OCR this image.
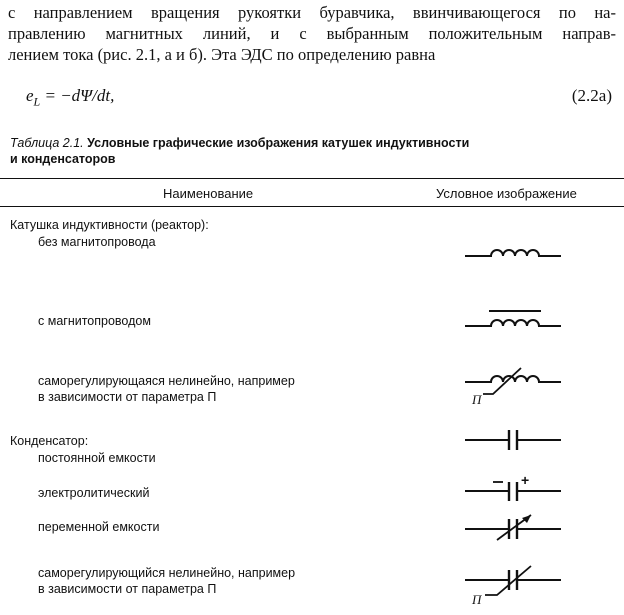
с направлением вращения рукоятки буравчика, ввинчивающегося по на-
правлению магнитных линий, и с выбранным положительным направ-
лением тока (рис. 2.1, а и б). Эта ЭДС по определению равна
$e_L = -d\Psi/dt$,	(2.2а)
Таблица 2.1. Условные графические изображения катушек индуктивности
и конденсаторов
Наименование	Условное изображение
Катушка индуктивности (реактор):
без магнитопровода
с магнитопроводом
саморегулирующаяся нелинейно, например
в зависимости от параметра П
Конденсатор:
постоянной емкости
электролитический
переменной емкости
саморегулирующийся нелинейно, например
в зависимости от параметра П
П
+
П
